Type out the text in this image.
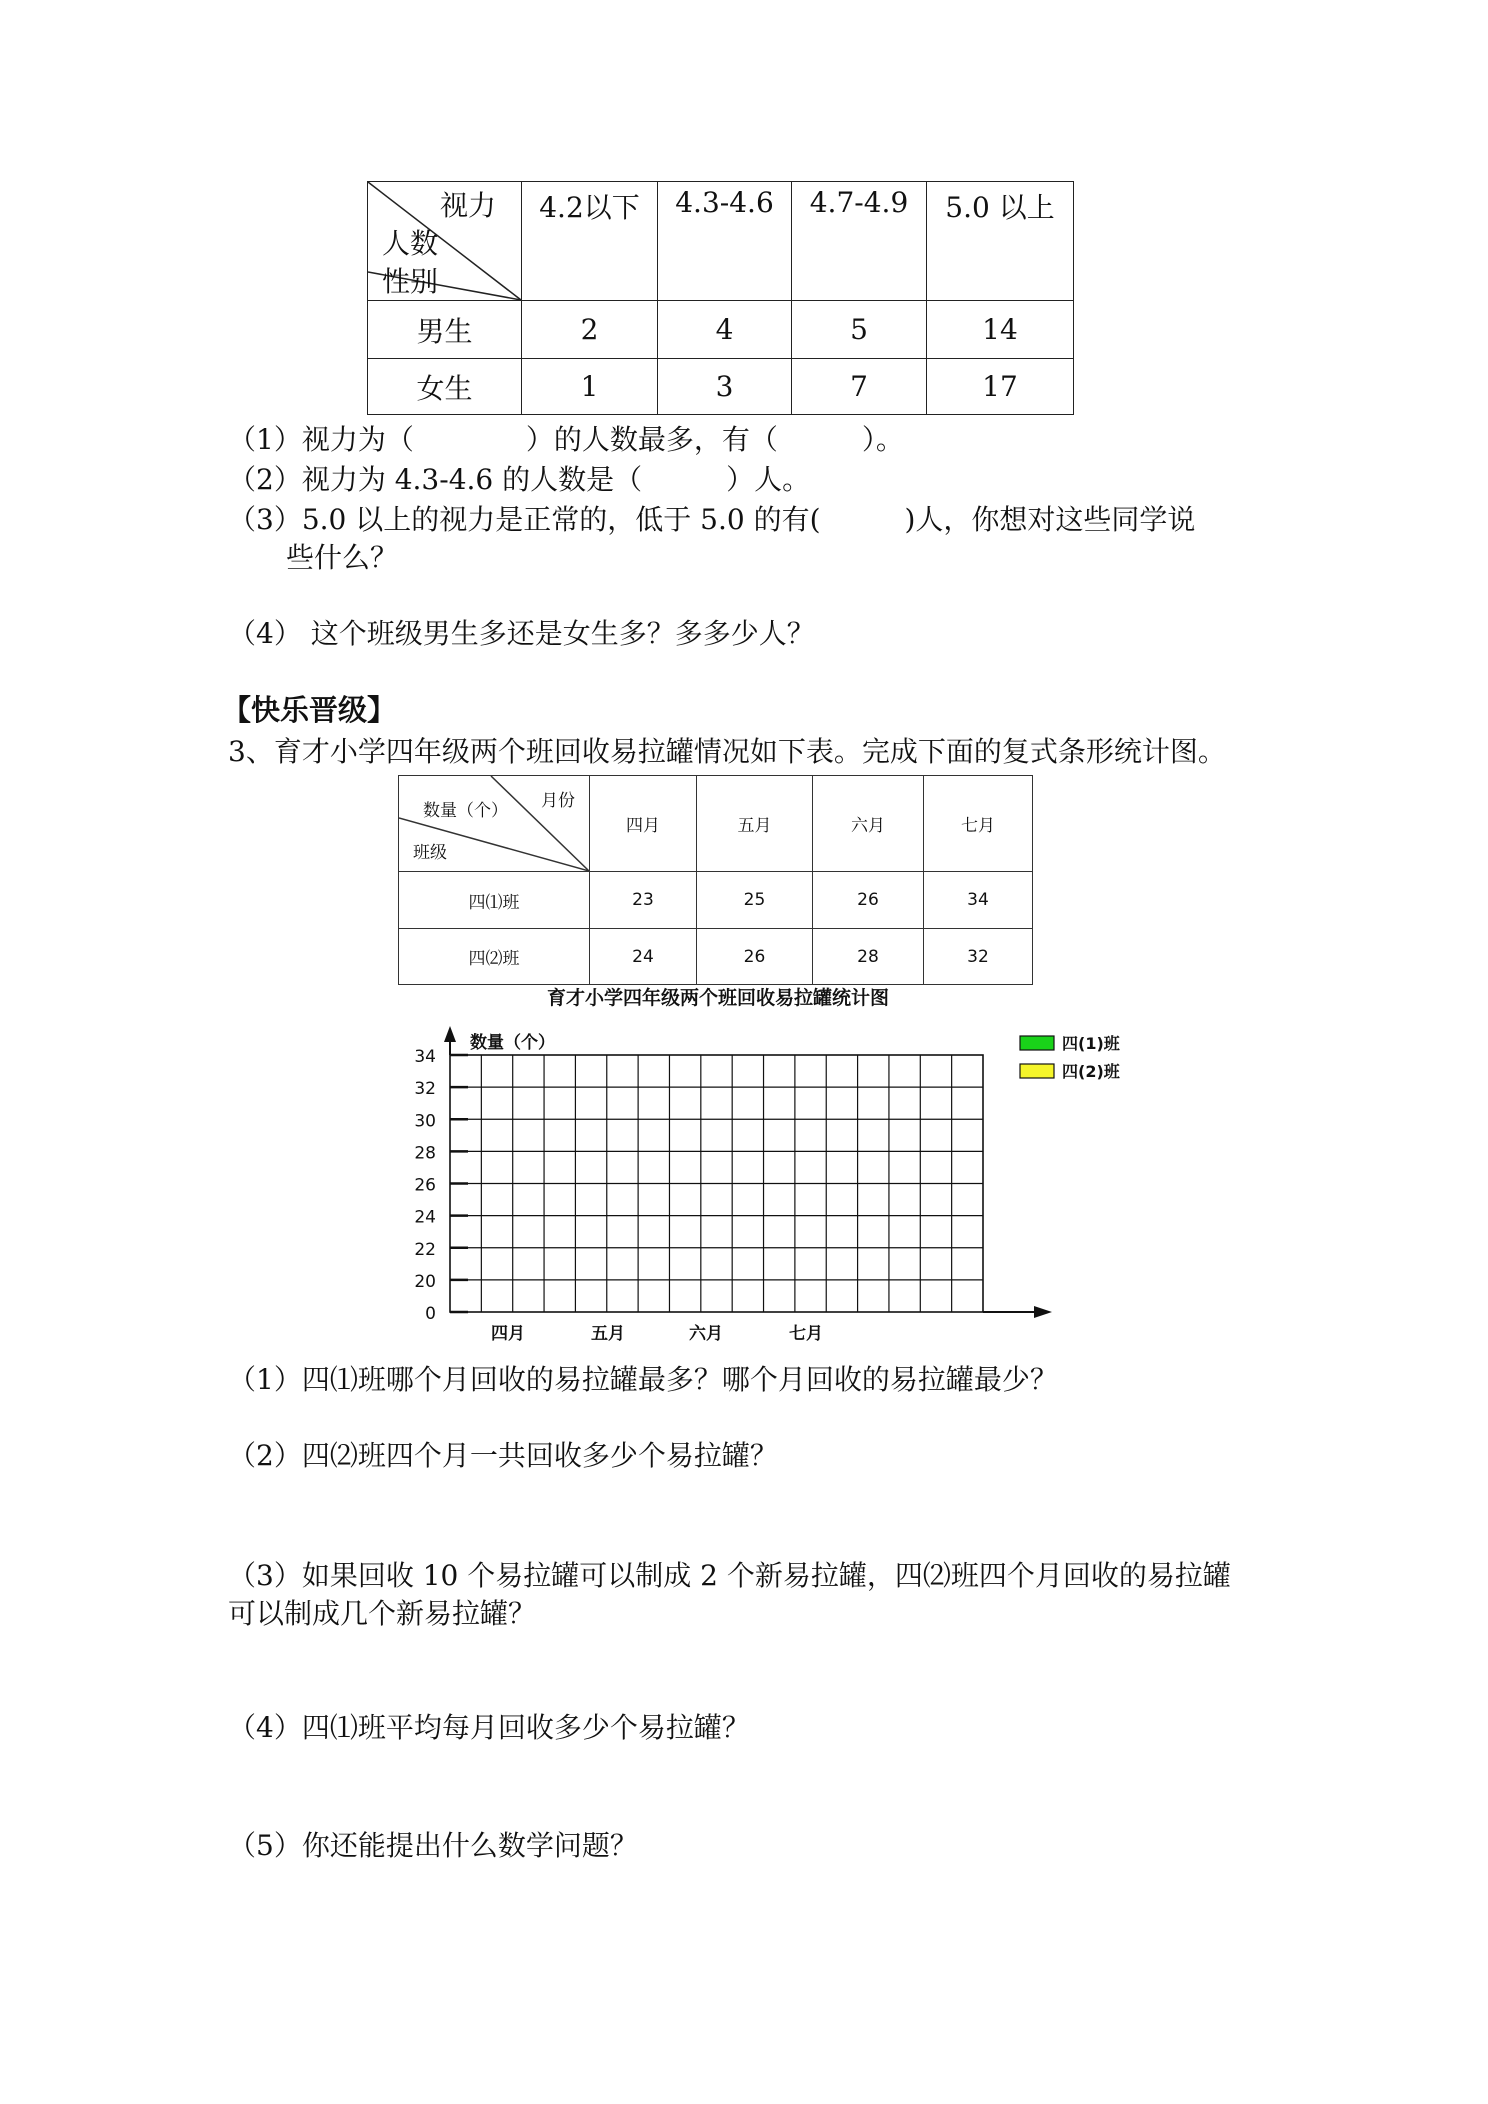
视力
人数
性别	4.2以下	4.3-4.6	4.7-4.9	5.0 以上
男生	2	4	5	14
女生	1	3	7	17
（1）视力为（　　　　）的人数最多，有（　　　）。
（2）视力为 4.3-4.6 的人数是（　　　）人。
（3）5.0 以上的视力是正常的，低于 5.0 的有(　　　)人，你想对这些同学说
些什么？
（4） 这个班级男生多还是女生多？多多少人？
【快乐晋级】
3、育才小学四年级两个班回收易拉罐情况如下表。完成下面的复式条形统计图。
月份
数量（个）
班级	四月	五月	六月	七月
四⑴班	23	25	26	34
四⑵班	24	26	28	32
育才小学四年级两个班回收易拉罐统计图
0
20
22
24
26
28
30
32
34
数量（个）
四月	五月	六月	七月
四(1)班
四(2)班
（1）四⑴班哪个月回收的易拉罐最多？哪个月回收的易拉罐最少？
（2）四⑵班四个月一共回收多少个易拉罐？
（3）如果回收 10 个易拉罐可以制成 2 个新易拉罐，四⑵班四个月回收的易拉罐
可以制成几个新易拉罐？
（4）四⑴班平均每月回收多少个易拉罐？
（5）你还能提出什么数学问题？
